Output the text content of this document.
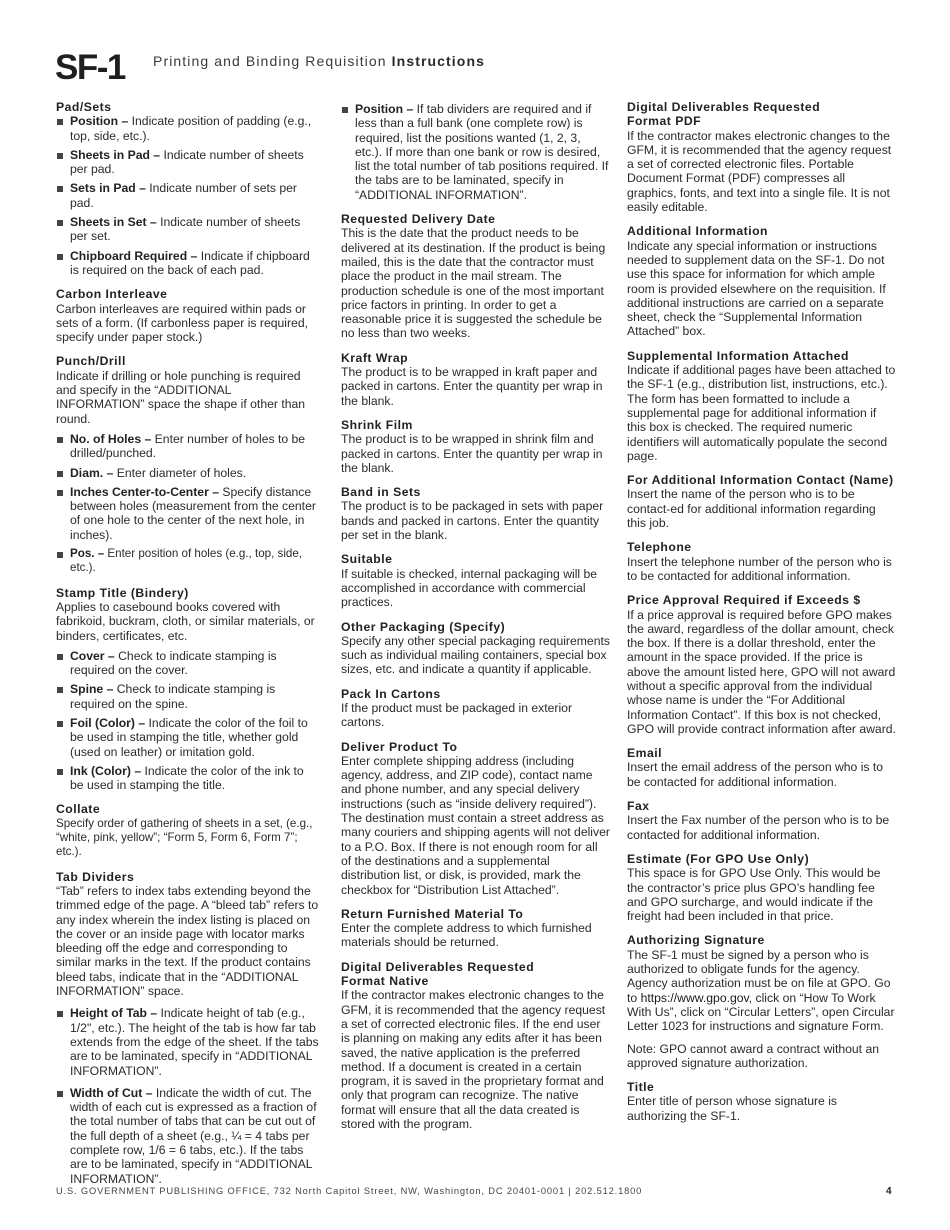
SF-1 Printing and Binding Requisition Instructions
Pad/Sets
Position – Indicate position of padding (e.g., top, side, etc.).
Sheets in Pad – Indicate number of sheets per pad.
Sets in Pad – Indicate number of sets per pad.
Sheets in Set – Indicate number of sheets per set.
Chipboard Required – Indicate if chipboard is required on the back of each pad.
Carbon Interleave

Carbon interleaves are required within pads or sets of a form. (If carbonless paper is required, specify under paper stock.)

Punch/Drill

Indicate if drilling or hole punching is required and specify in the “ADDITIONAL INFORMATION” space the shape if other than round.

No. of Holes – Enter number of holes to be drilled/punched.
Diam. – Enter diameter of holes.
Inches Center-to-Center – Specify distance between holes (measurement from the center of one hole to the center of the next hole, in inches).
Pos. – Enter position of holes (e.g., top, side, etc.).
Stamp Title (Bindery)

Applies to casebound books covered with fabrikoid, buckram, cloth, or similar materials, or binders, certificates, etc.

Cover – Check to indicate stamping is required on the cover.
Spine – Check to indicate stamping is required on the spine.
Foil (Color) – Indicate the color of the foil to be used in stamping the title, whether gold (used on leather) or imitation gold.
Ink (Color) – Indicate the color of the ink to be used in stamping the title.
Collate

Specify order of gathering of sheets in a set, (e.g., “white, pink, yellow”; “Form 5, Form 6, Form 7”; etc.).

Tab Dividers

“Tab” refers to index tabs extending beyond the trimmed edge of the page. A “bleed tab” refers to any index wherein the index listing is placed on the cover or an inside page with locator marks bleeding off the edge and corresponding to similar marks in the text. If the product contains bleed tabs, indicate that in the “ADDITIONAL INFORMATION” space.

Height of Tab – Indicate height of tab (e.g., 1/2", etc.). The height of the tab is how far tab extends from the edge of the sheet. If the tabs are to be laminated, specify in “ADDITIONAL INFORMATION”.
Width of Cut – Indicate the width of cut. The width of each cut is expressed as a fraction of the total number of tabs that can be cut out of the full depth of a sheet (e.g., ¼ = 4 tabs per complete row, 1/6 = 6 tabs, etc.). If the tabs are to be laminated, specify in “ADDITIONAL INFORMATION”.
Position – If tab dividers are required and if less than a full bank (one complete row) is required, list the positions wanted (1, 2, 3, etc.). If more than one bank or row is desired, list the total number of tab positions required. If the tabs are to be laminated, specify in “ADDITIONAL INFORMATION”.
Requested Delivery Date

This is the date that the product needs to be delivered at its destination. If the product is being mailed, this is the date that the contractor must place the product in the mail stream. The production schedule is one of the most important price factors in printing. In order to get a reasonable price it is suggested the schedule be no less than two weeks.

Kraft Wrap

The product is to be wrapped in kraft paper and packed in cartons. Enter the quantity per wrap in the blank.

Shrink Film

The product is to be wrapped in shrink film and packed in cartons. Enter the quantity per wrap in the blank.

Band in Sets

The product is to be packaged in sets with paper bands and packed in cartons. Enter the quantity per set in the blank.

Suitable

If suitable is checked, internal packaging will be accomplished in accordance with commercial practices.

Other Packaging (Specify)

Specify any other special packaging requirements such as individual mailing containers, special box sizes, etc. and indicate a quantity if applicable.

Pack In Cartons

If the product must be packaged in exterior cartons.

Deliver Product To

Enter complete shipping address (including agency, address, and ZIP code), contact name and phone number, and any special delivery instructions (such as “inside delivery required”). The destination must contain a street address as many couriers and shipping agents will not deliver to a P.O. Box. If there is not enough room for all of the destinations and a supplemental distribution list, or disk, is provided, mark the checkbox for “Distribution List Attached”.

Return Furnished Material To

Enter the complete address to which furnished materials should be returned.

Digital Deliverables Requested
Format Native

If the contractor makes electronic changes to the GFM, it is recommended that the agency request a set of corrected electronic files. If the end user is planning on making any edits after it has been saved, the native application is the preferred method. If a document is created in a certain program, it is saved in the proprietary format and only that program can recognize. The native format will ensure that all the data created is stored with the program.

Digital Deliverables Requested
Format PDF

If the contractor makes electronic changes to the GFM, it is recommended that the agency request a set of corrected electronic files. Portable Document Format (PDF) compresses all graphics, fonts, and text into a single file. It is not easily editable.

Additional Information

Indicate any special information or instructions needed to supplement data on the SF-1. Do not use this space for information for which ample room is provided elsewhere on the requisition. If additional instructions are carried on a separate sheet, check the “Supplemental Information Attached” box.

Supplemental Information Attached

Indicate if additional pages have been attached to the SF-1 (e.g., distribution list, instructions, etc.). The form has been formatted to include a supplemental page for additional information if this box is checked. The required numeric identifiers will automatically populate the second page.

For Additional Information Contact (Name)

Insert the name of the person who is to be contact-ed for additional information regarding this job.

Telephone

Insert the telephone number of the person who is to be contacted for additional information.

Price Approval Required if Exceeds $

If a price approval is required before GPO makes the award, regardless of the dollar amount, check the box. If there is a dollar threshold, enter the amount in the space provided. If the price is above the amount listed here, GPO will not award without a specific approval from the individual whose name is under the “For Additional Information Contact”. If this box is not checked, GPO will provide contract information after award.

Email

Insert the email address of the person who is to be contacted for additional information.

Fax

Insert the Fax number of the person who is to be contacted for additional information.

Estimate (For GPO Use Only)

This space is for GPO Use Only. This would be the contractor’s price plus GPO’s handling fee and GPO surcharge, and would indicate if the freight had been included in that price.

Authorizing Signature

The SF-1 must be signed by a person who is authorized to obligate funds for the agency. Agency authorization must be on file at GPO. Go to https://www.gpo.gov, click on “How To Work With Us”, click on “Circular Letters”, open Circular Letter 1023 for instructions and signature Form.

Note: GPO cannot award a contract without an approved signature authorization.

Title

Enter title of person whose signature is authorizing the SF-1.

U.S. GOVERNMENT PUBLISHING OFFICE, 732 North Capitol Street, NW, Washington, DC 20401-0001 | 202.512.1800	4
